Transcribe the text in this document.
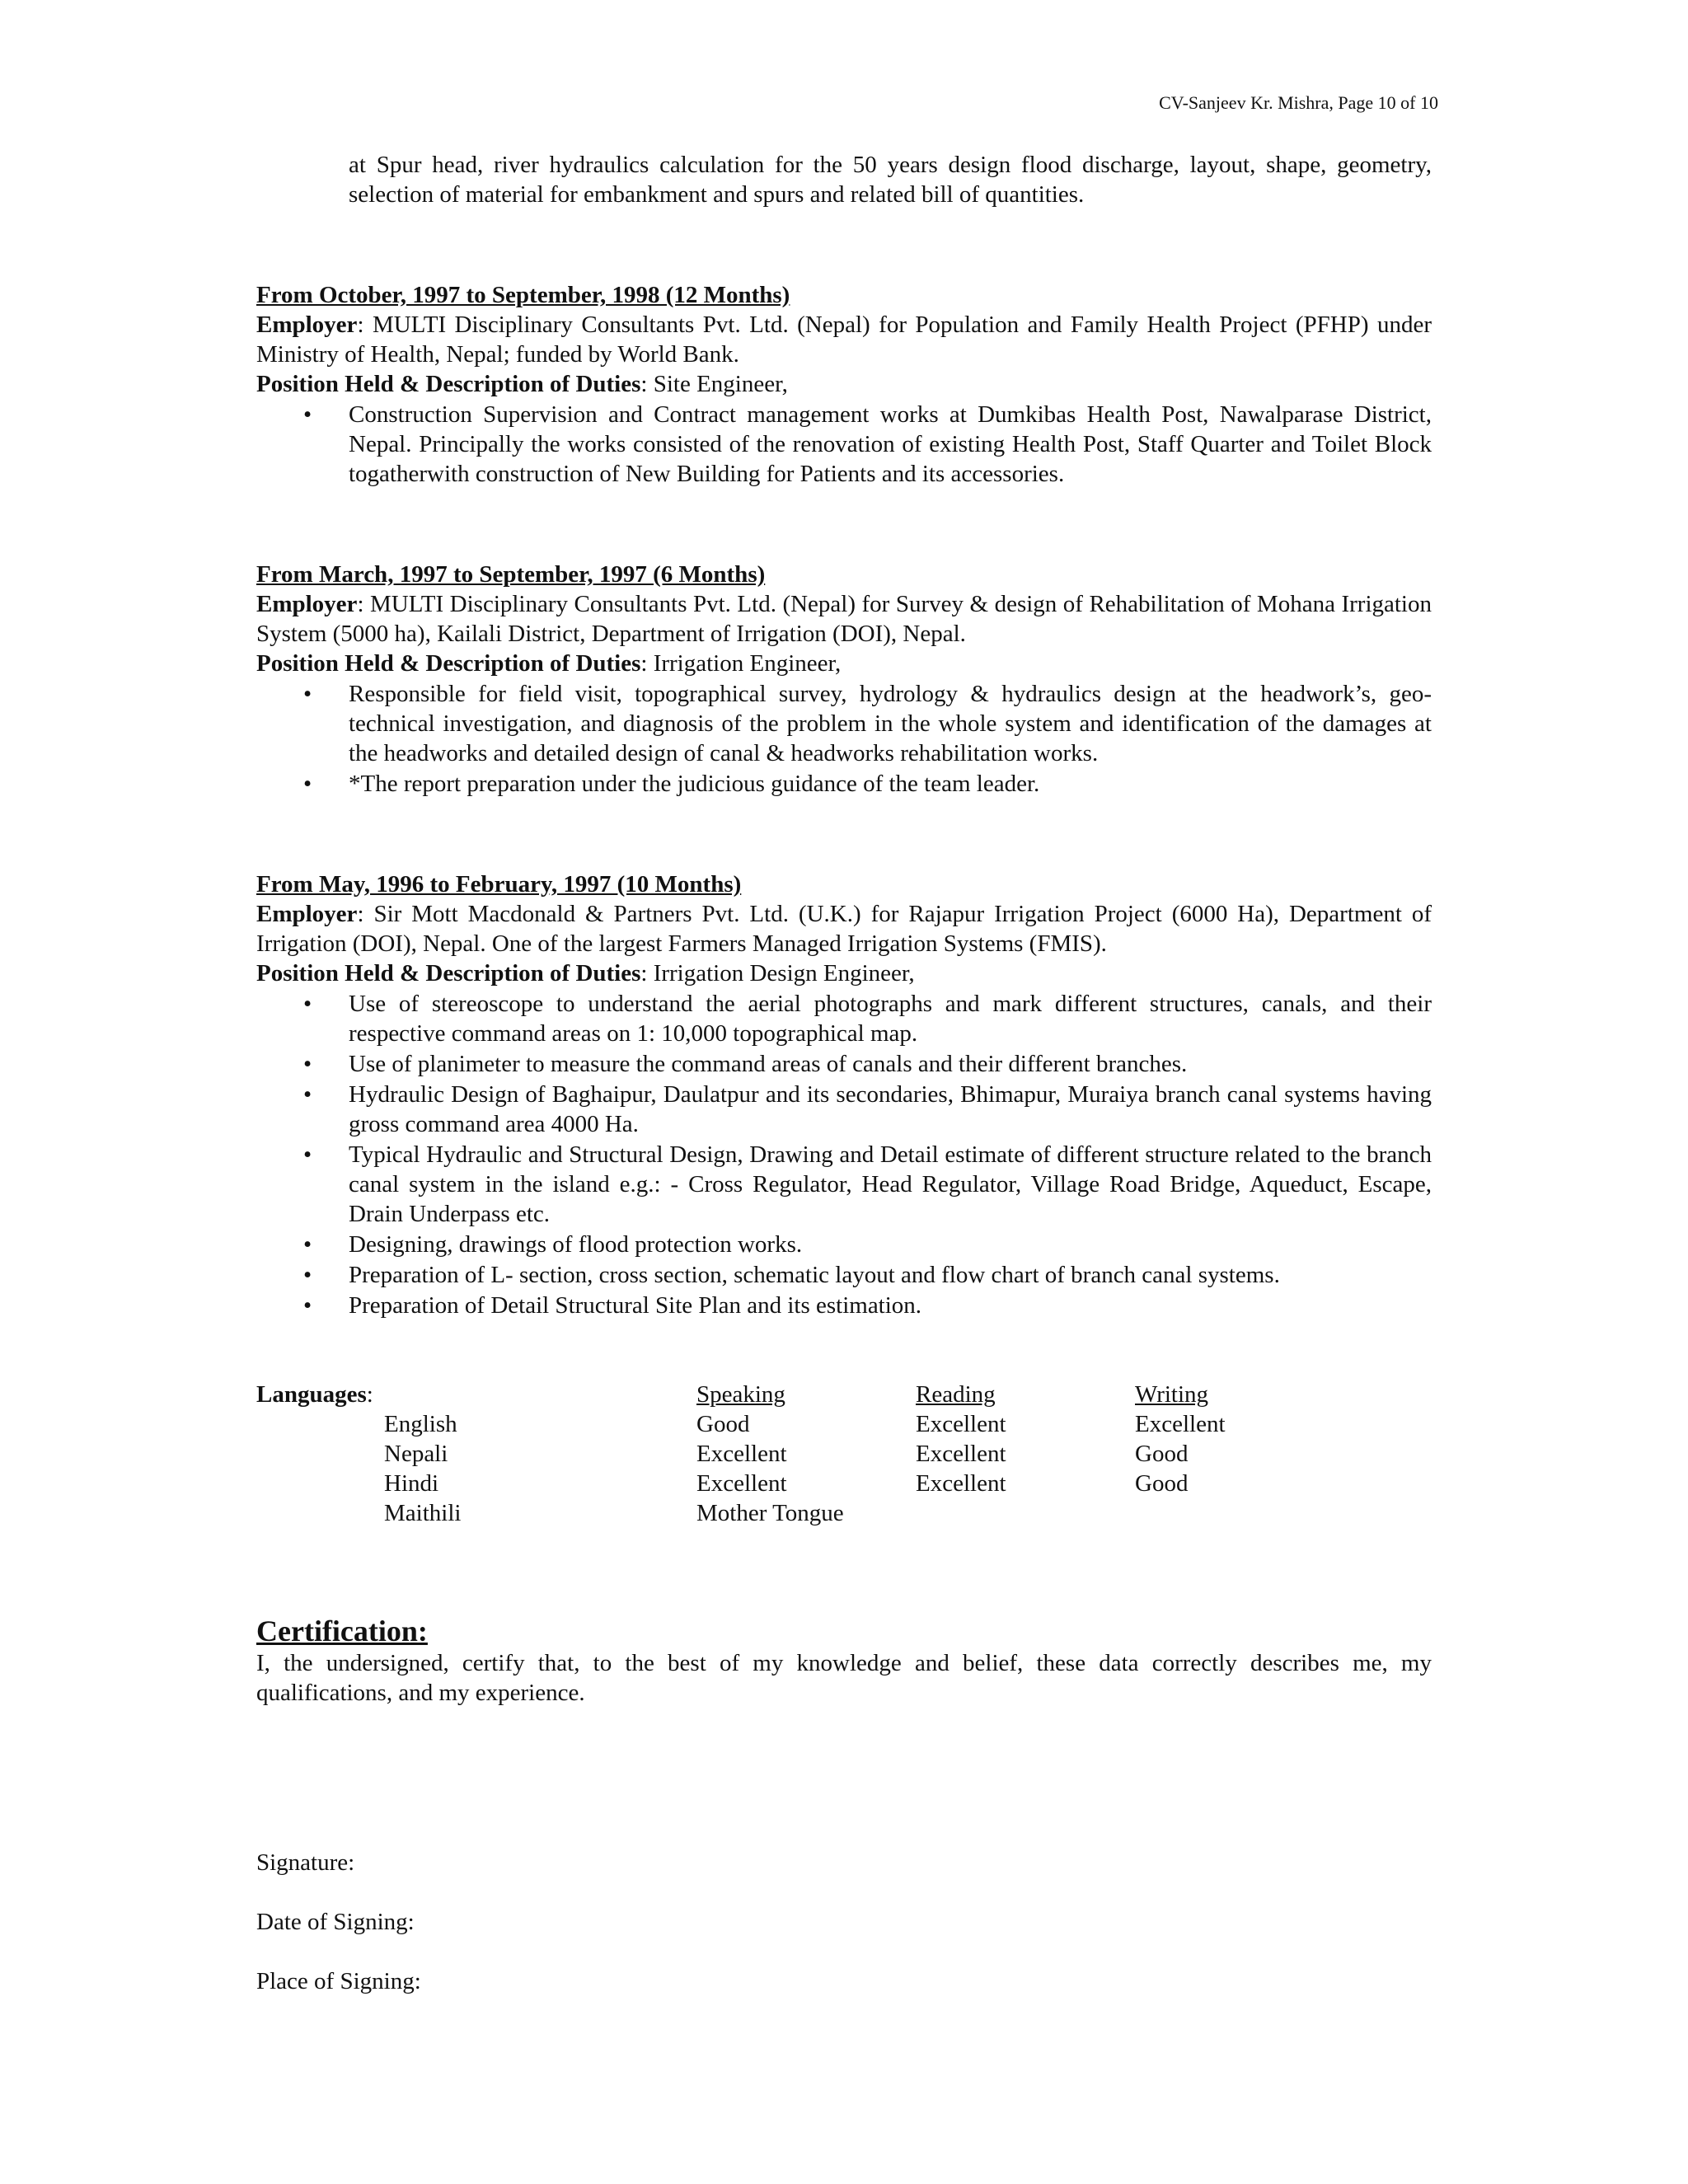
CV-Sanjeev Kr. Mishra, Page 10 of 10

at Spur head, river hydraulics calculation for the 50 years design flood discharge, layout, shape, geometry, selection of material for embankment and spurs and related bill of quantities.

From October, 1997 to September, 1998 (12 Months)

Employer: MULTI Disciplinary Consultants Pvt. Ltd. (Nepal) for Population and Family Health Project (PFHP) under Ministry of Health, Nepal; funded by World Bank.

Position Held & Description of Duties: Site Engineer,

• Construction Supervision and Contract management works at Dumkibas Health Post, Nawalparase District, Nepal. Principally the works consisted of the renovation of existing Health Post, Staff Quarter and Toilet Block togatherwith construction of New Building for Patients and its accessories.

From March, 1997 to September, 1997 (6 Months)

Employer: MULTI Disciplinary Consultants Pvt. Ltd. (Nepal) for Survey & design of Rehabilitation of Mohana Irrigation System (5000 ha), Kailali District, Department of Irrigation (DOI), Nepal.

Position Held & Description of Duties: Irrigation Engineer,

• Responsible for field visit, topographical survey, hydrology & hydraulics design at the headwork’s, geo-technical investigation, and diagnosis of the problem in the whole system and identification of the damages at the headworks and detailed design of canal & headworks rehabilitation works.
• *The report preparation under the judicious guidance of the team leader.

From May, 1996 to February, 1997 (10 Months)

Employer: Sir Mott Macdonald & Partners Pvt. Ltd. (U.K.) for Rajapur Irrigation Project (6000 Ha), Department of Irrigation (DOI), Nepal. One of the largest Farmers Managed Irrigation Systems (FMIS).

Position Held & Description of Duties: Irrigation Design Engineer,

• Use of stereoscope to understand the aerial photographs and mark different structures, canals, and their respective command areas on 1: 10,000 topographical map.
• Use of planimeter to measure the command areas of canals and their different branches.
• Hydraulic Design of Baghaipur, Daulatpur and its secondaries, Bhimapur, Muraiya branch canal systems having gross command area 4000 Ha.
• Typical Hydraulic and Structural Design, Drawing and Detail estimate of different structure related to the branch canal system in the island e.g.: - Cross Regulator, Head Regulator, Village Road Bridge, Aqueduct, Escape, Drain Underpass etc.
• Designing, drawings of flood protection works.
• Preparation of L- section, cross section, schematic layout and flow chart of branch canal systems.
• Preparation of Detail Structural Site Plan and its estimation.
Languages:	Speaking	Reading	Writing
English	Good	Excellent	Excellent
Nepali	Excellent	Excellent	Good
Hindi	Excellent	Excellent	Good
Maithili	Mother Tongue

Certification:

I, the undersigned, certify that, to the best of my knowledge and belief, these data correctly describes me, my qualifications, and my experience.

Signature:

Date of Signing:

Place of Signing:
